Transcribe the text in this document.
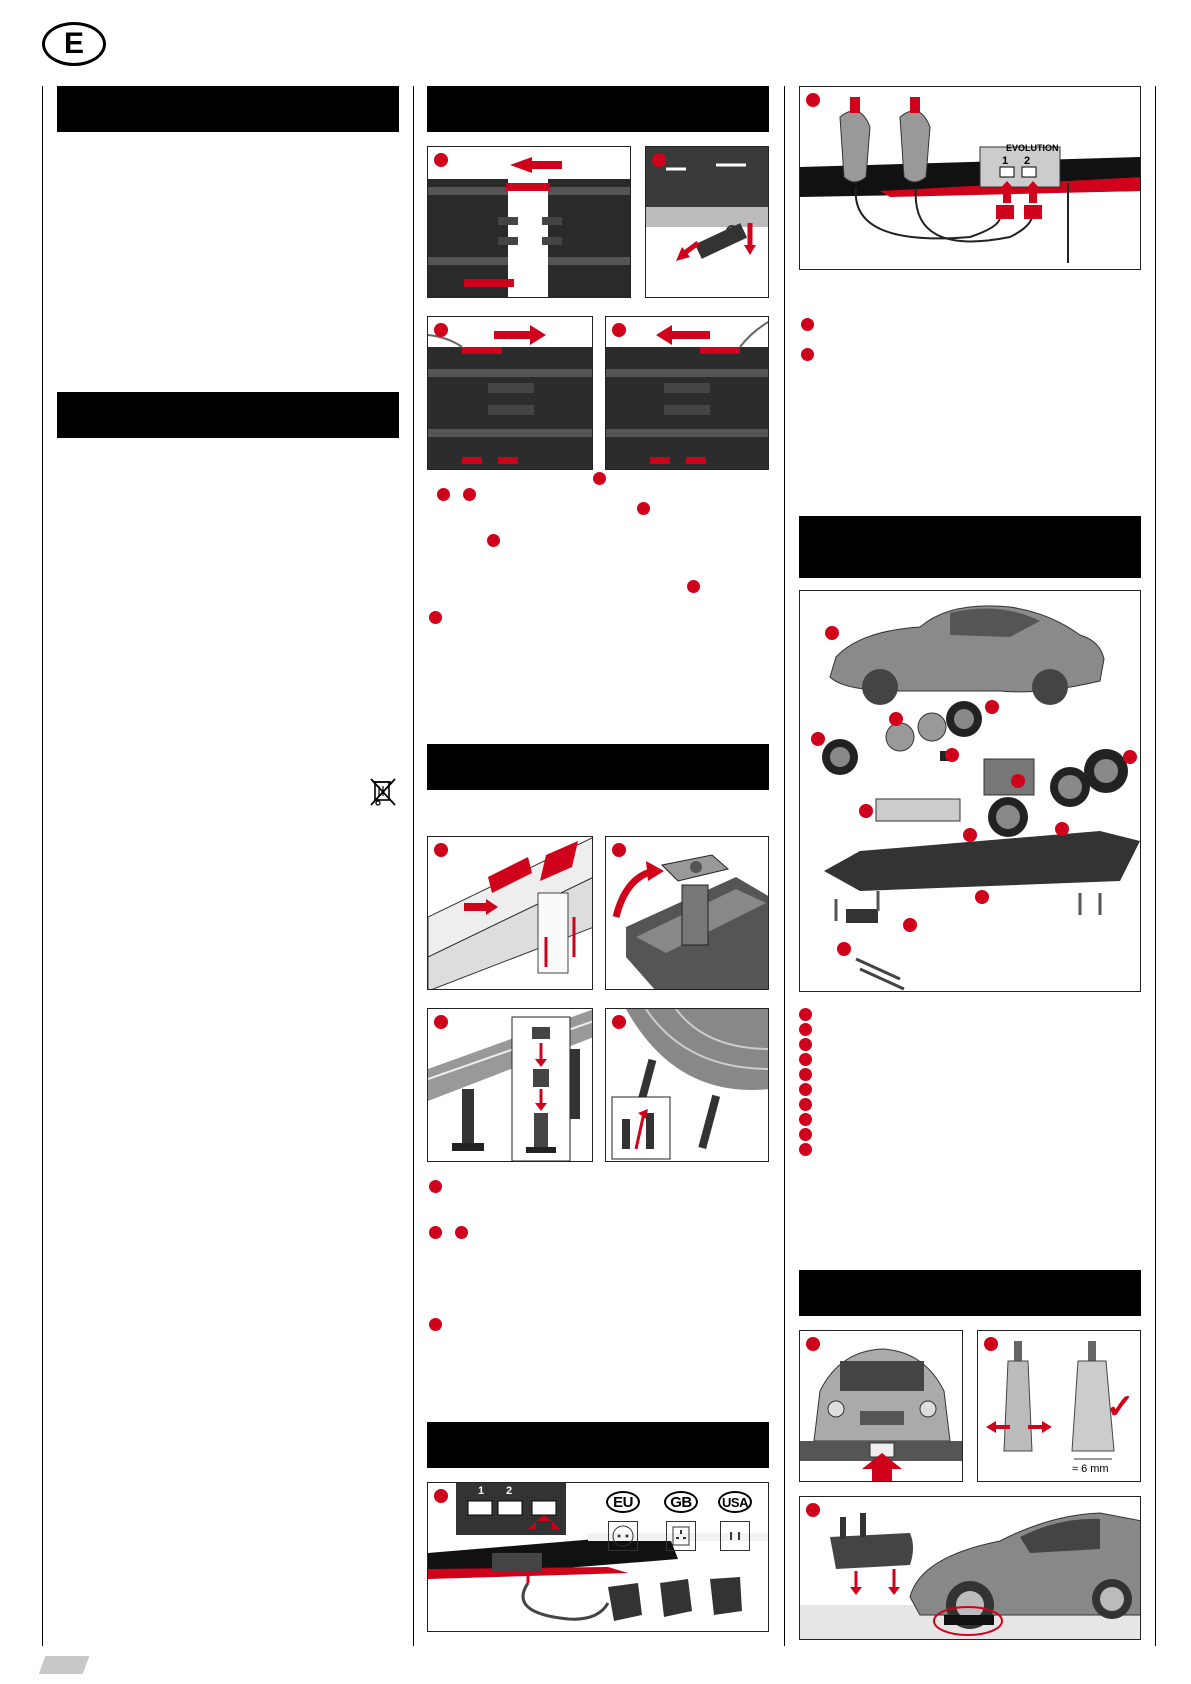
E
1 2
EU	GB	USA
EVOLUTION
1 2
✓
≈ 6 mm
